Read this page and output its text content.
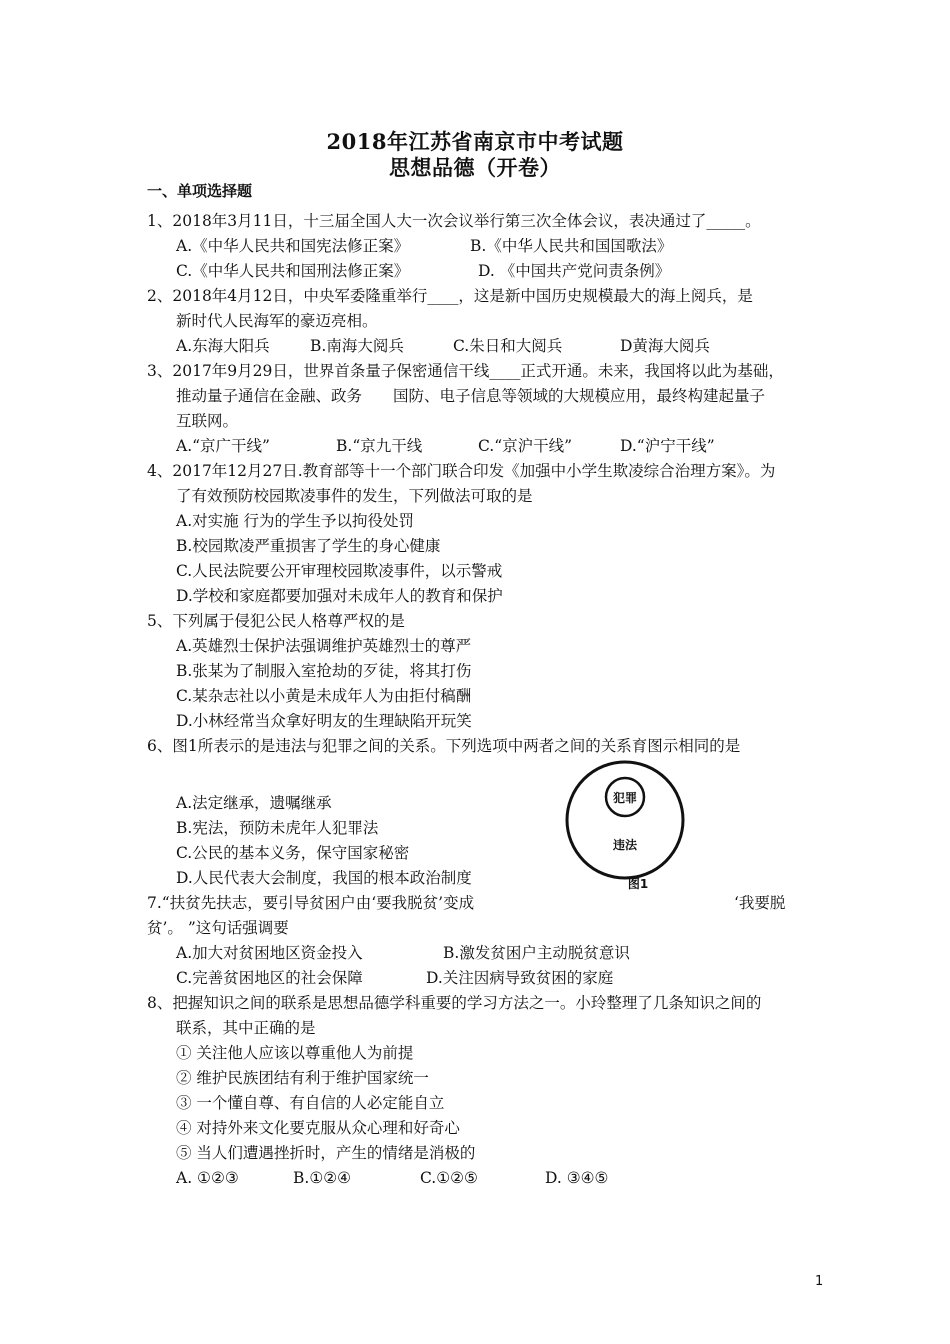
2018年江苏省南京市中考试题
思想品德（开卷）
一、单项选择题
1、2018年3月11日，十三届全国人大一次会议举行第三次全体会议，表决通过了_____。
A.《中华人民共和国宪法修正案》	B.《中华人民共和国国歌法》
C.《中华人民共和国刑法修正案》	D. 《中国共产党问责条例》
2、2018年4月12日，中央军委隆重举行____，这是新中国历史规模最大的海上阅兵，是
新时代人民海军的豪迈亮相。
A.东海大阳兵	B.南海大阅兵	C.朱日和大阅兵	D黄海大阅兵
3、2017年9月29日，世界首条量子保密通信干线____正式开通。未来，我国将以此为基础，
推动量子通信在金融、政务　　国防、电子信息等领域的大规模应用，最终构建起量子
互联网。
A.“京广干线”	B.“京九干线	C.“京沪干线”	D.“沪宁干线”
4、2017年12月27日.教育部等十一个部门联合印发《加强中小学生欺凌综合治理方案》。为
了有效预防校园欺凌事件的发生，下列做法可取的是
A.对实施 行为的学生予以拘役处罚
B.校园欺凌严重损害了学生的身心健康
C.人民法院要公开审理校园欺凌事件，以示警戒
D.学校和家庭都要加强对未成年人的教育和保护
5、下列属于侵犯公民人格尊严权的是
A.英雄烈士保护法强调维护英雄烈士的尊严
B.张某为了制服入室抢劫的歹徒，将其打伤
C.某杂志社以小黄是未成年人为由拒付稿酬
D.小林经常当众拿好明友的生理缺陷开玩笑
6、图1所表示的是违法与犯罪之间的关系。下列选项中两者之间的关系育图示相同的是
A.法定继承，遗嘱继承
B.宪法，预防未虎年人犯罪法
C.公民的基本义务，保守国家秘密
D.人民代表大会制度，我国的根本政治制度
犯罪
违法
图1
7.“扶贫先扶志，要引导贫困户由‘要我脱贫’变成	‘我要脱
贫’。 ”这句话强调要
A.加大对贫困地区资金投入	B.激发贫困户主动脱贫意识
C.完善贫困地区的社会保障	D.关注因病导致贫困的家庭
8、把握知识之间的联系是思想品德学科重要的学习方法之一。小玲整理了几条知识之间的
联系，其中正确的是
① 关注他人应该以尊重他人为前提
② 维护民族团结有利于维护国家统一
③ 一个懂自尊、有自信的人必定能自立
④ 对持外来文化要克服从众心理和好奇心
⑤ 当人们遭遇挫折时，产生的情绪是消极的
A. ①②③	B.①②④	C.①②⑤	D. ③④⑤
1
